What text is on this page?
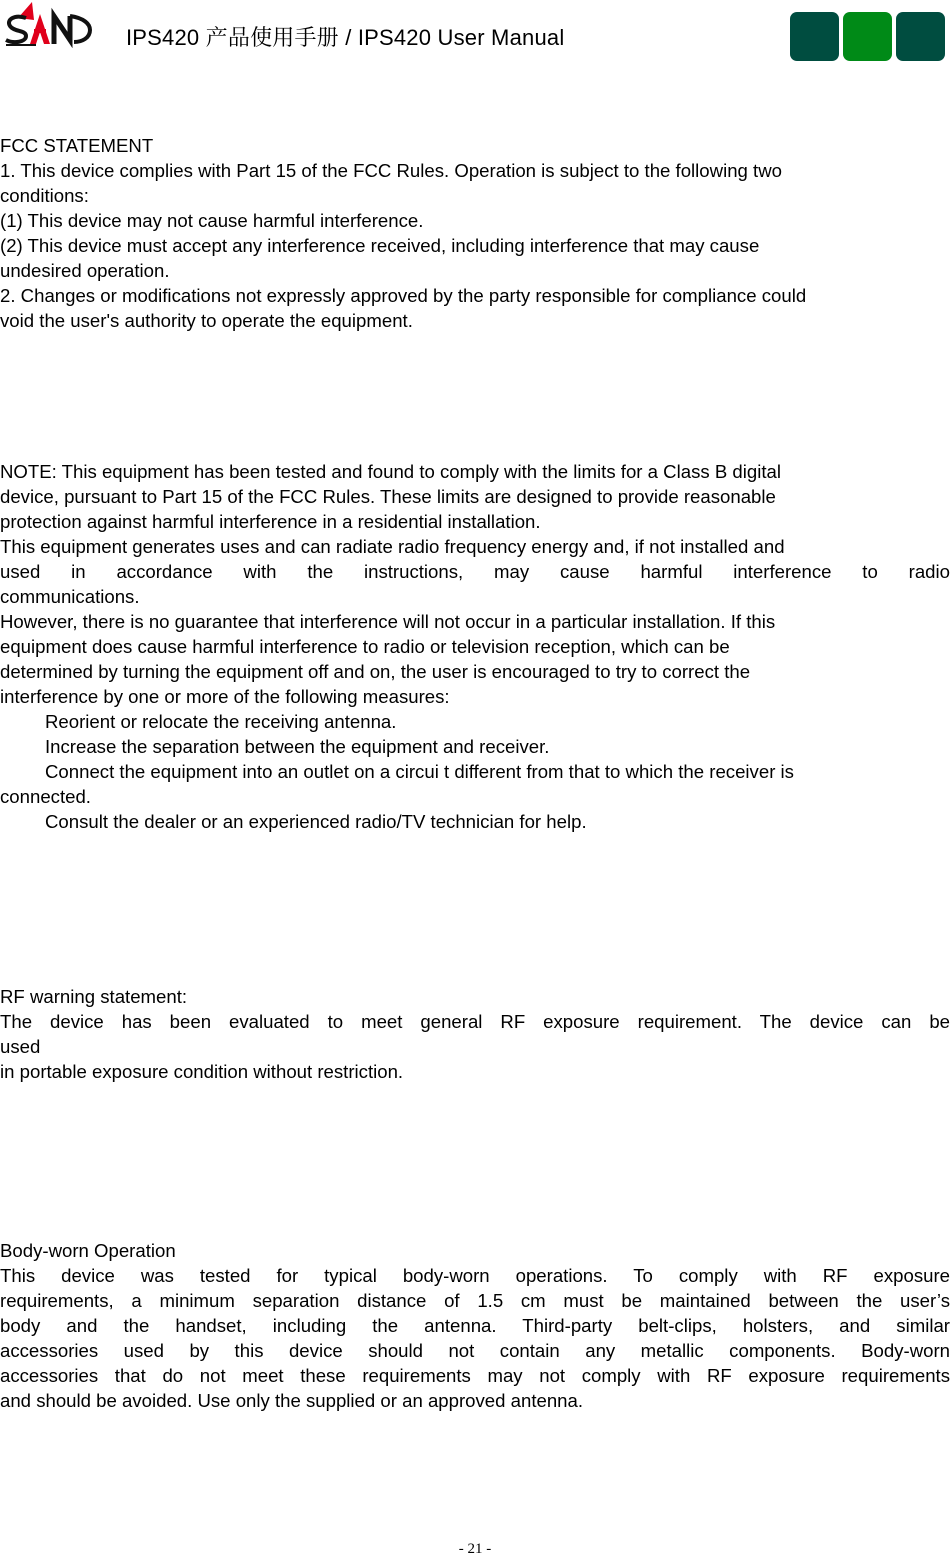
IPS420 产品使用手册 / IPS420 User Manual
FCC STATEMENT
1. This device complies with Part 15 of the FCC Rules. Operation is subject to the following two
conditions:
(1) This device may not cause harmful interference.
(2) This device must accept any interference received, including interference that may cause
undesired operation.
2. Changes or modifications not expressly approved by the party responsible for compliance could
void the user's authority to operate the equipment.
NOTE: This equipment has been tested and found to comply with the limits for a Class B digital
device, pursuant to Part 15 of the FCC Rules. These limits are designed to provide reasonable
protection against harmful interference in a residential installation.
This equipment generates uses and can radiate radio frequency energy and, if not installed and
used in accordance with the instructions, may cause harmful interference to radio
communications.
However, there is no guarantee that interference will not occur in a particular installation. If this
equipment does cause harmful interference to radio or television reception, which can be
determined by turning the equipment off and on, the user is encouraged to try to correct the
interference by one or more of the following measures:
Reorient or relocate the receiving antenna.
Increase the separation between the equipment and receiver.
Connect the equipment into an outlet on a circui t different from that to which the receiver is
connected.
Consult the dealer or an experienced radio/TV technician for help.
RF warning statement:
The device has been evaluated to meet general RF exposure requirement. The device can be
used
in portable exposure condition without restriction.
Body-worn Operation
This device was tested for typical body-worn operations. To comply with RF exposure
requirements, a minimum separation distance of 1.5 cm must be maintained between the user’s
body and the handset, including the antenna. Third-party belt-clips, holsters, and similar
accessories used by this device should not contain any metallic components. Body-worn
accessories that do not meet these requirements may not comply with RF exposure requirements
and should be avoided. Use only the supplied or an approved antenna.
- 21 -
